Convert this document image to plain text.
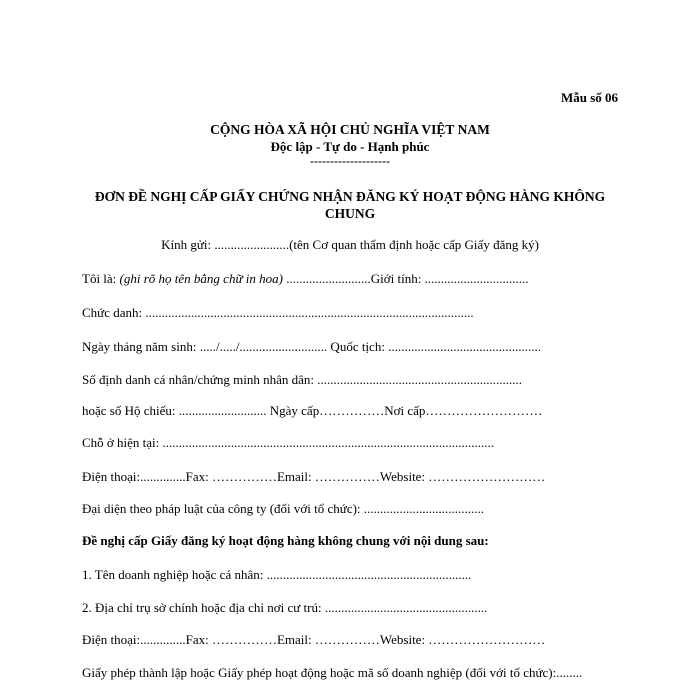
Mẫu số 06
CỘNG HÒA XÃ HỘI CHỦ NGHĨA VIỆT NAM
Độc lập - Tự do - Hạnh phúc
--------------------
ĐƠN ĐỀ NGHỊ CẤP GIẤY CHỨNG NHẬN ĐĂNG KÝ HOẠT ĐỘNG HÀNG KHÔNG CHUNG
Kính gửi: .......................(tên Cơ quan thẩm định hoặc cấp Giấy đăng ký)
Tôi là: (ghi rõ họ tên bằng chữ in hoa) ..........................Giới tính: ................................
Chức danh: .....................................................................................................
Ngày tháng năm sinh: ...../...../........................... Quốc tịch: ...............................................
Số định danh cá nhân/chứng minh nhân dân: ...............................................................
hoặc số Hộ chiếu: ........................... Ngày cấp……………Nơi cấp………………………
Chỗ ở hiện tại: ......................................................................................................
Điện thoại:..............Fax: ……………Email: ……………Website: ………………………
Đại diện theo pháp luật của công ty (đối với tổ chức): .....................................
Đề nghị cấp Giấy đăng ký hoạt động hàng không chung với nội dung sau:
1. Tên doanh nghiệp hoặc cá nhân: ...............................................................
2. Địa chỉ trụ sở chính hoặc địa chỉ nơi cư trú: ..................................................
Điện thoại:..............Fax: ……………Email: ……………Website: ………………………
Giấy phép thành lập hoặc Giấy phép hoạt động hoặc mã số doanh nghiệp (đối với tổ chức):........
